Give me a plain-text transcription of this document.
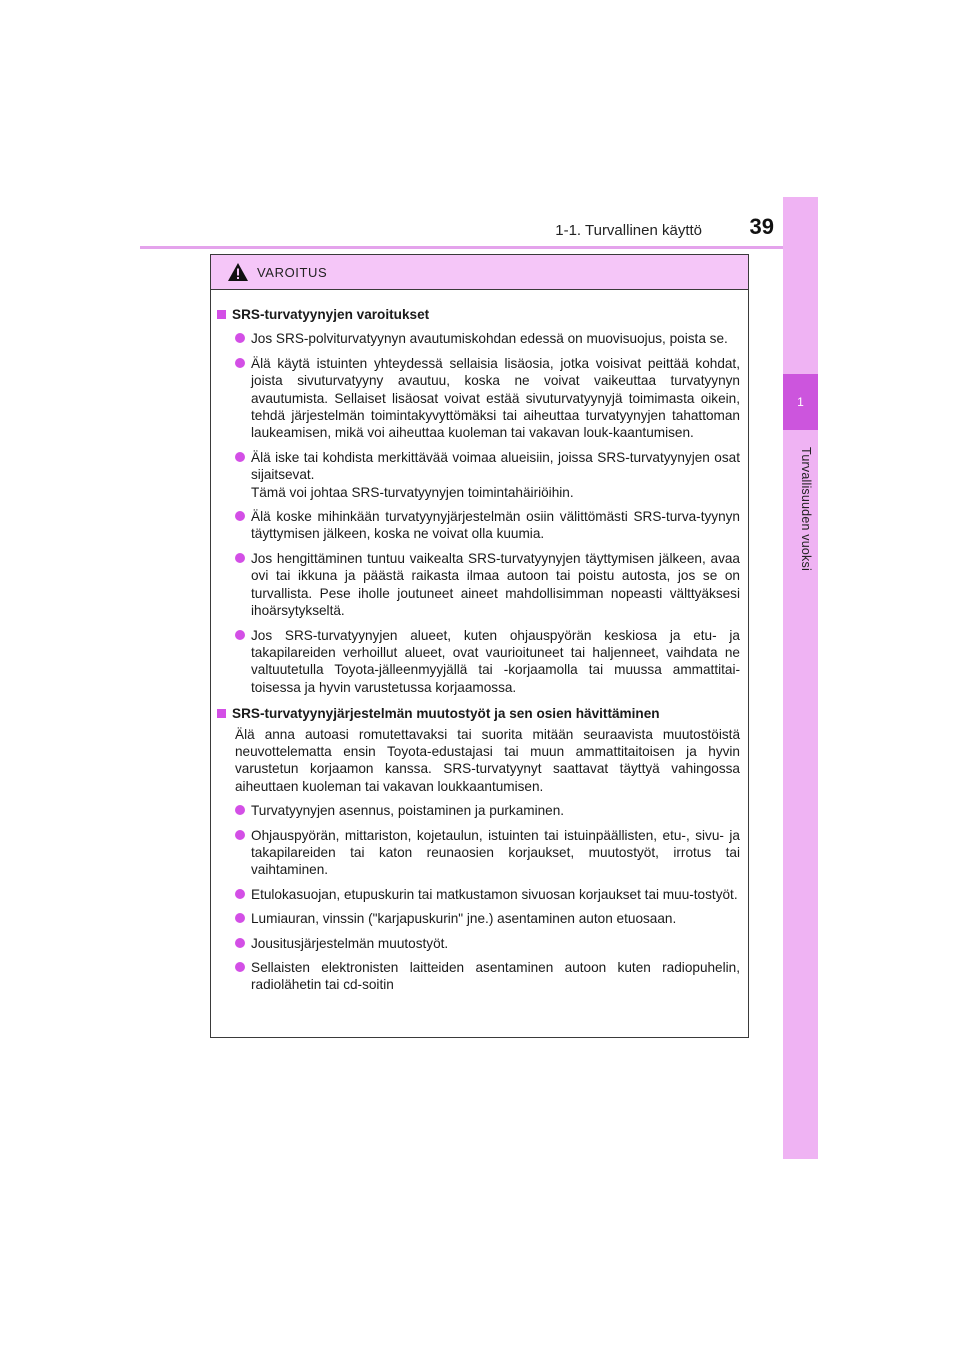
1-1. Turvallinen käyttö 39
1
Turvallisuuden vuoksi
VAROITUS
SRS-turvatyynyjen varoitukset
Jos SRS-polviturvatyynyn avautumiskohdan edessä on muovisuojus, poista se.
Älä käytä istuinten yhteydessä sellaisia lisäosia, jotka voisivat peittää kohdat, joista sivuturvatyyny avautuu, koska ne voivat vaikeuttaa turvatyynyn avautumista. Sellaiset lisäosat voivat estää sivuturvatyynyjä toimimasta oikein, tehdä järjestelmän toimintakyvyttömäksi tai aiheuttaa turvatyynyjen tahattoman laukeamisen, mikä voi aiheuttaa kuoleman tai vakavan louk-kaantumisen.
Älä iske tai kohdista merkittävää voimaa alueisiin, joissa SRS-turvatyynyjen osat sijaitsevat.
Tämä voi johtaa SRS-turvatyynyjen toimintahäiriöihin.
Älä koske mihinkään turvatyynyjärjestelmän osiin välittömästi SRS-turva-tyynyn täyttymisen jälkeen, koska ne voivat olla kuumia.
Jos hengittäminen tuntuu vaikealta SRS-turvatyynyjen täyttymisen jälkeen, avaa ovi tai ikkuna ja päästä raikasta ilmaa autoon tai poistu autosta, jos se on turvallista. Pese iholle joutuneet aineet mahdollisimman nopeasti välttyäksesi ihoärsytykseltä.
Jos SRS-turvatyynyjen alueet, kuten ohjauspyörän keskiosa ja etu- ja takapilareiden verhoillut alueet, ovat vaurioituneet tai haljenneet, vaihdata ne valtuutetulla Toyota-jälleenmyyjällä tai -korjaamolla tai muussa ammattitai-toisessa ja hyvin varustetussa korjaamossa.
SRS-turvatyynyjärjestelmän muutostyöt ja sen osien hävittäminen
Älä anna autoasi romutettavaksi tai suorita mitään seuraavista muutostöistä neuvottelematta ensin Toyota-edustajasi tai muun ammattitaitoisen ja hyvin varustetun korjaamon kanssa. SRS-turvatyynyt saattavat täyttyä vahingossa aiheuttaen kuoleman tai vakavan loukkaantumisen.
Turvatyynyjen asennus, poistaminen ja purkaminen.
Ohjauspyörän, mittariston, kojetaulun, istuinten tai istuinpäällisten, etu-, sivu- ja takapilareiden tai katon reunaosien korjaukset, muutostyöt, irrotus tai vaihtaminen.
Etulokasuojan, etupuskurin tai matkustamon sivuosan korjaukset tai muu-tostyöt.
Lumiauran, vinssin ("karjapuskurin" jne.) asentaminen auton etuosaan.
Jousitusjärjestelmän muutostyöt.
Sellaisten elektronisten laitteiden asentaminen autoon kuten radiopuhelin, radiolähetin tai cd-soitin
